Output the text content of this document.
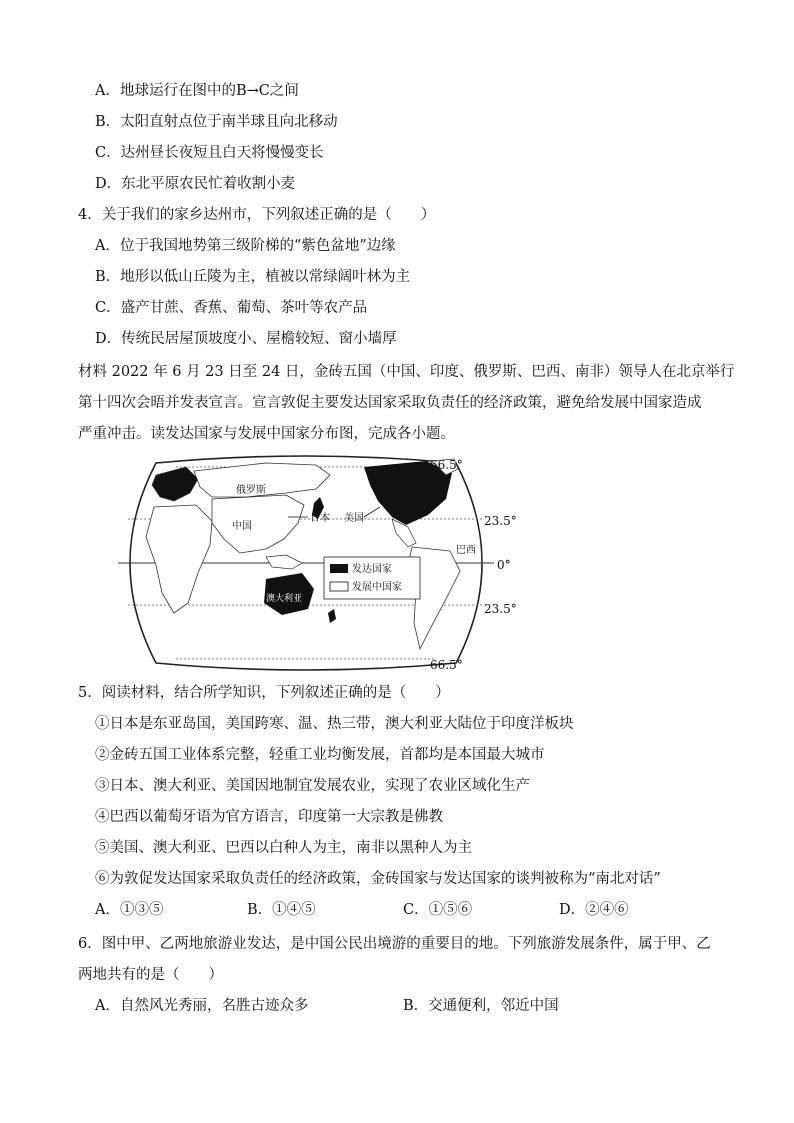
A．地球运行在图中的B→C之间
B．太阳直射点位于南半球且向北移动
C．达州昼长夜短且白天将慢慢变长
D．东北平原农民忙着收割小麦
4．关于我们的家乡达州市，下列叙述正确的是（　　）
A．位于我国地势第三级阶梯的“紫色盆地”边缘
B．地形以低山丘陵为主，植被以常绿阔叶林为主
C．盛产甘蔗、香蕉、葡萄、茶叶等农产品
D．传统民居屋顶坡度小、屋檐较短、窗小墙厚
材料 2022 年 6 月 23 日至 24 日，金砖五国（中国、印度、俄罗斯、巴西、南非）领导人在北京举行
第十四次会晤并发表宣言。宣言敦促主要发达国家采取负责任的经济政策，避免给发展中国家造成
严重冲击。读发达国家与发展中国家分布图，完成各小题。
俄罗斯
中国
日本 美国
巴西
澳大利亚
发达国家
发展中国家
66.5°
23.5°
0°
23.5°
66.5°
5．阅读材料，结合所学知识，下列叙述正确的是（　　）
①日本是东亚岛国，美国跨寒、温、热三带，澳大利亚大陆位于印度洋板块
②金砖五国工业体系完整，轻重工业均衡发展，首都均是本国最大城市
③日本、澳大利亚、美国因地制宜发展农业，实现了农业区域化生产
④巴西以葡萄牙语为官方语言，印度第一大宗教是佛教
⑤美国、澳大利亚、巴西以白种人为主，南非以黑种人为主
⑥为敦促发达国家采取负责任的经济政策，金砖国家与发达国家的谈判被称为“南北对话”
A．①③⑤	B．①④⑤	C．①⑤⑥	D．②④⑥
6．图中甲、乙两地旅游业发达，是中国公民出境游的重要目的地。下列旅游发展条件，属于甲、乙
两地共有的是（　　）
A．自然风光秀丽，名胜古迹众多	B．交通便利，邻近中国
